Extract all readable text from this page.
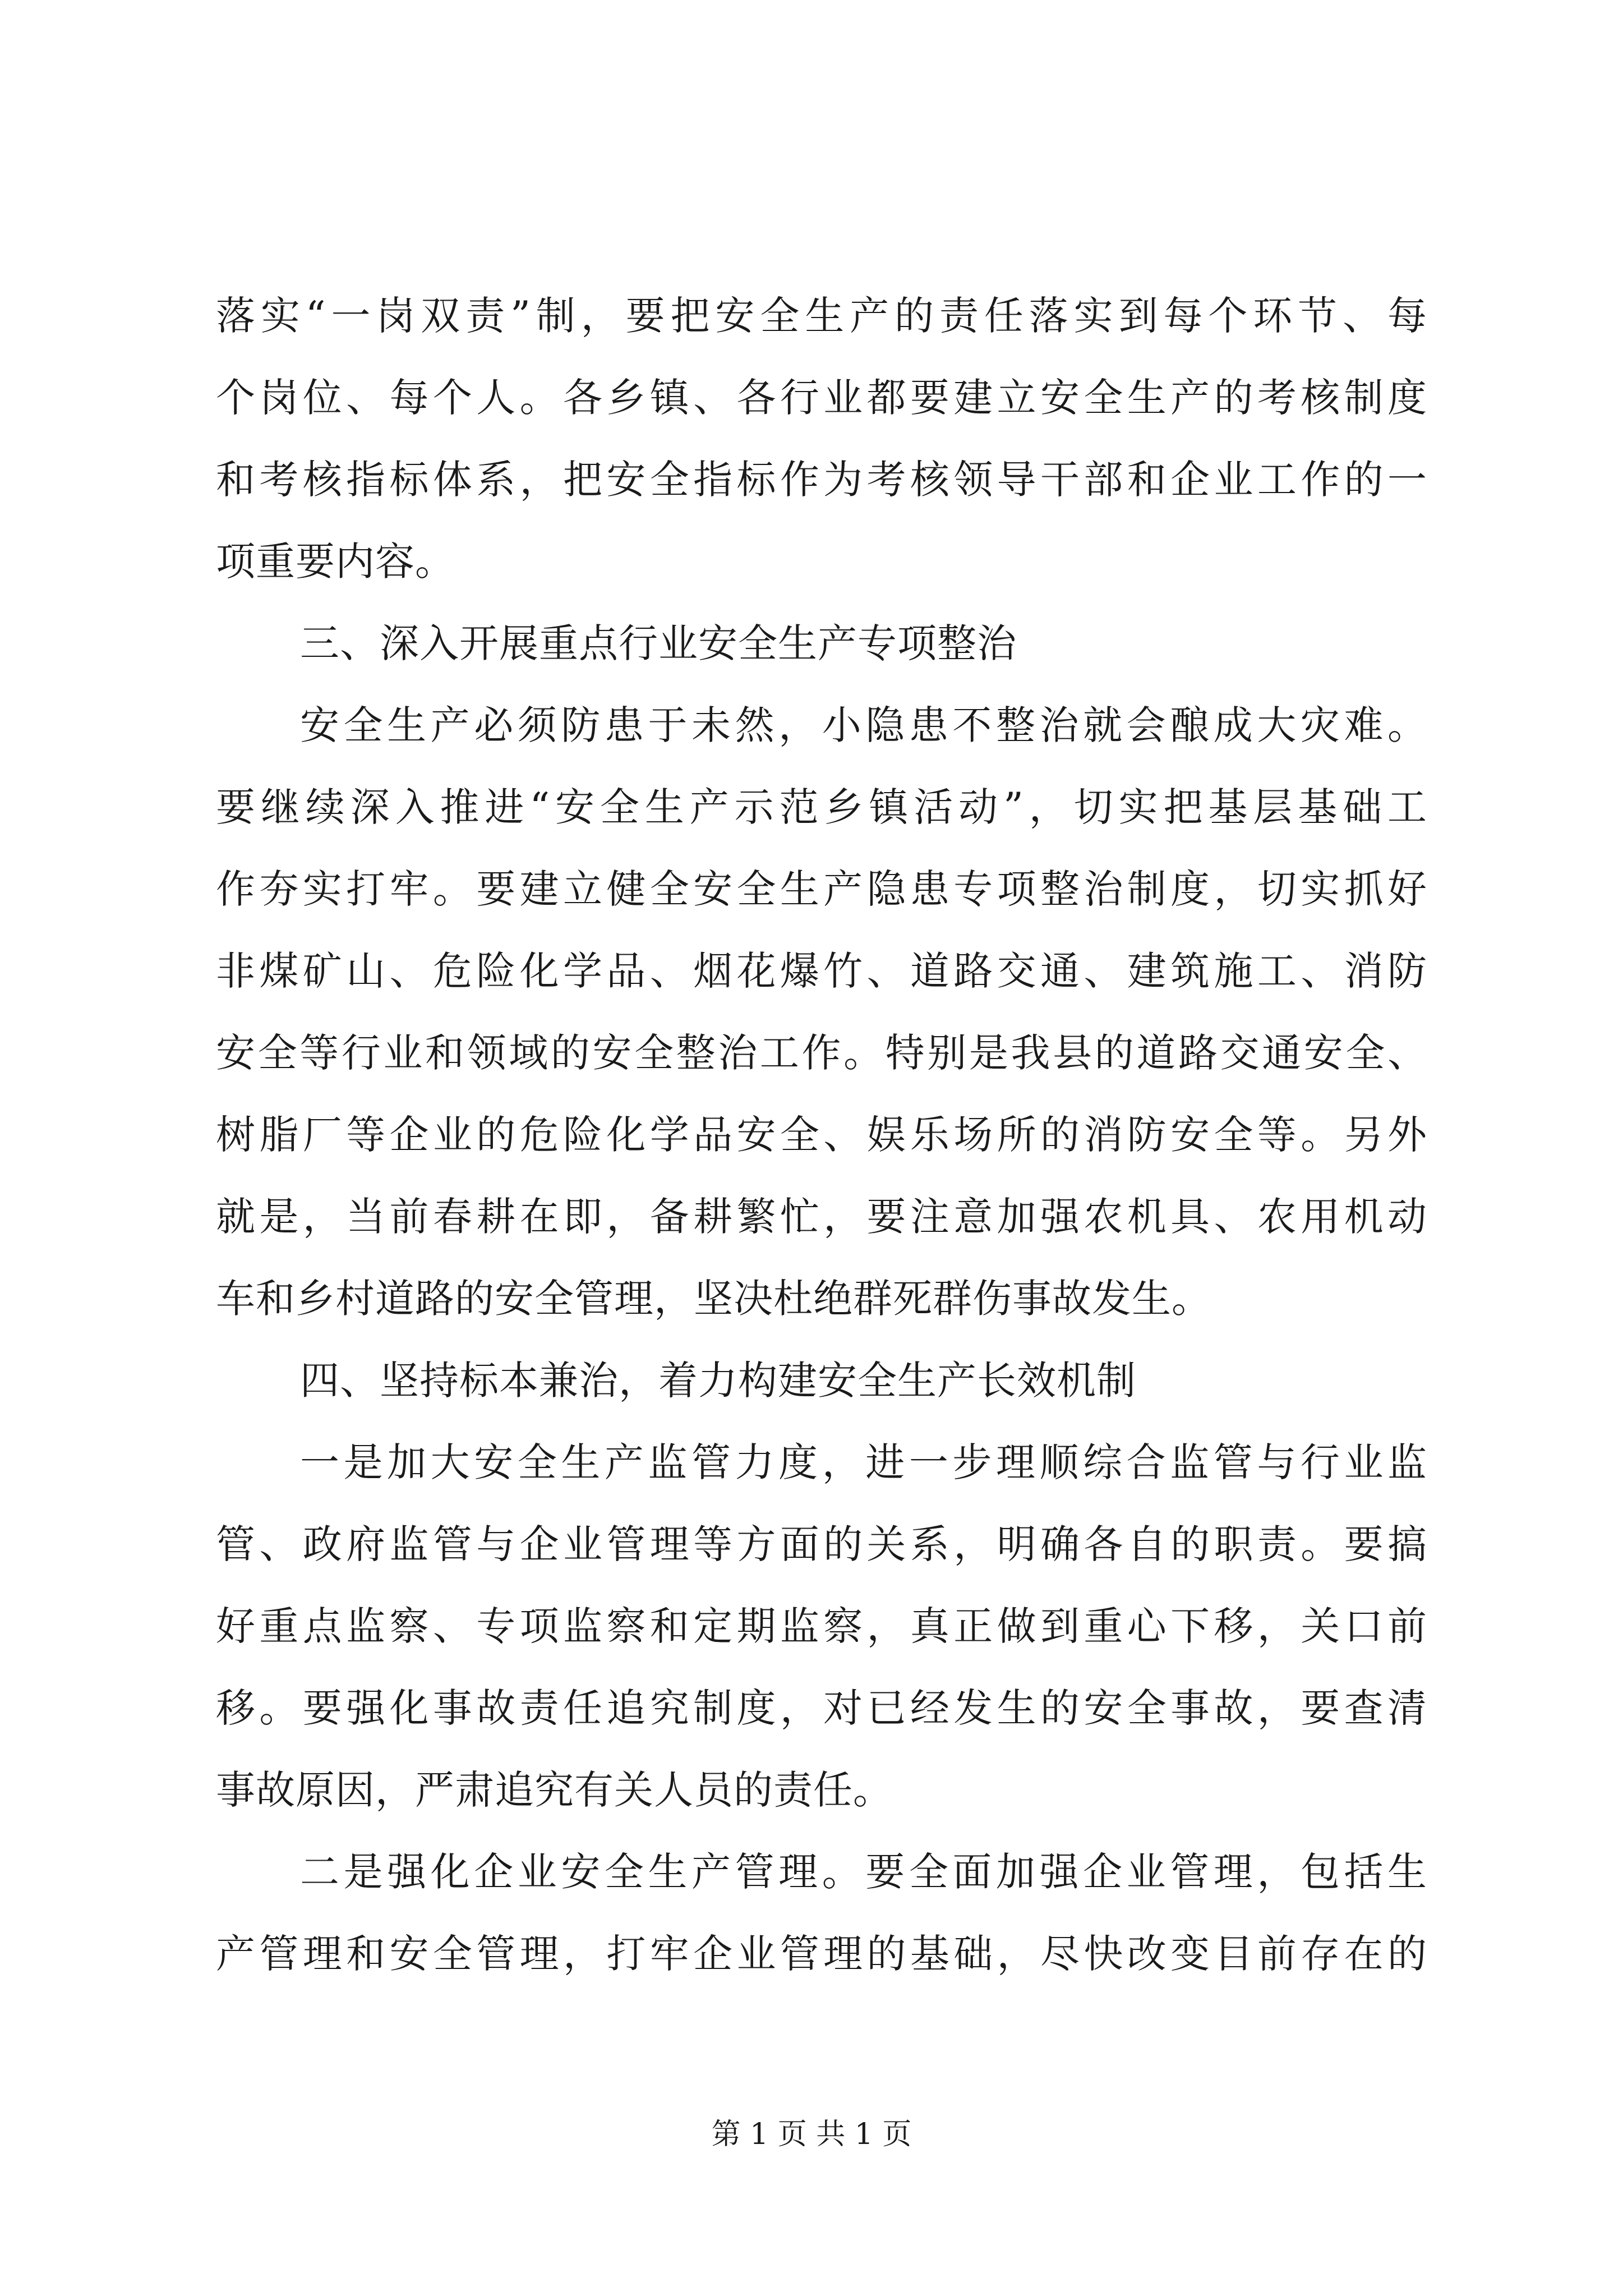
落实“一岗双责”制，要把安全生产的责任落实到每个环节、每
个岗位、每个人。各乡镇、各行业都要建立安全生产的考核制度
和考核指标体系，把安全指标作为考核领导干部和企业工作的一
项重要内容。
三、深入开展重点行业安全生产专项整治
安全生产必须防患于未然，小隐患不整治就会酿成大灾难。
要继续深入推进“安全生产示范乡镇活动”，切实把基层基础工
作夯实打牢。要建立健全安全生产隐患专项整治制度，切实抓好
非煤矿山、危险化学品、烟花爆竹、道路交通、建筑施工、消防
安全等行业和领域的安全整治工作。特别是我县的道路交通安全、
树脂厂等企业的危险化学品安全、娱乐场所的消防安全等。另外
就是，当前春耕在即，备耕繁忙，要注意加强农机具、农用机动
车和乡村道路的安全管理，坚决杜绝群死群伤事故发生。
四、坚持标本兼治，着力构建安全生产长效机制
一是加大安全生产监管力度，进一步理顺综合监管与行业监
管、政府监管与企业管理等方面的关系，明确各自的职责。要搞
好重点监察、专项监察和定期监察，真正做到重心下移，关口前
移。要强化事故责任追究制度，对已经发生的安全事故，要查清
事故原因，严肃追究有关人员的责任。
二是强化企业安全生产管理。要全面加强企业管理，包括生
产管理和安全管理，打牢企业管理的基础，尽快改变目前存在的
第 1 页 共 1 页
